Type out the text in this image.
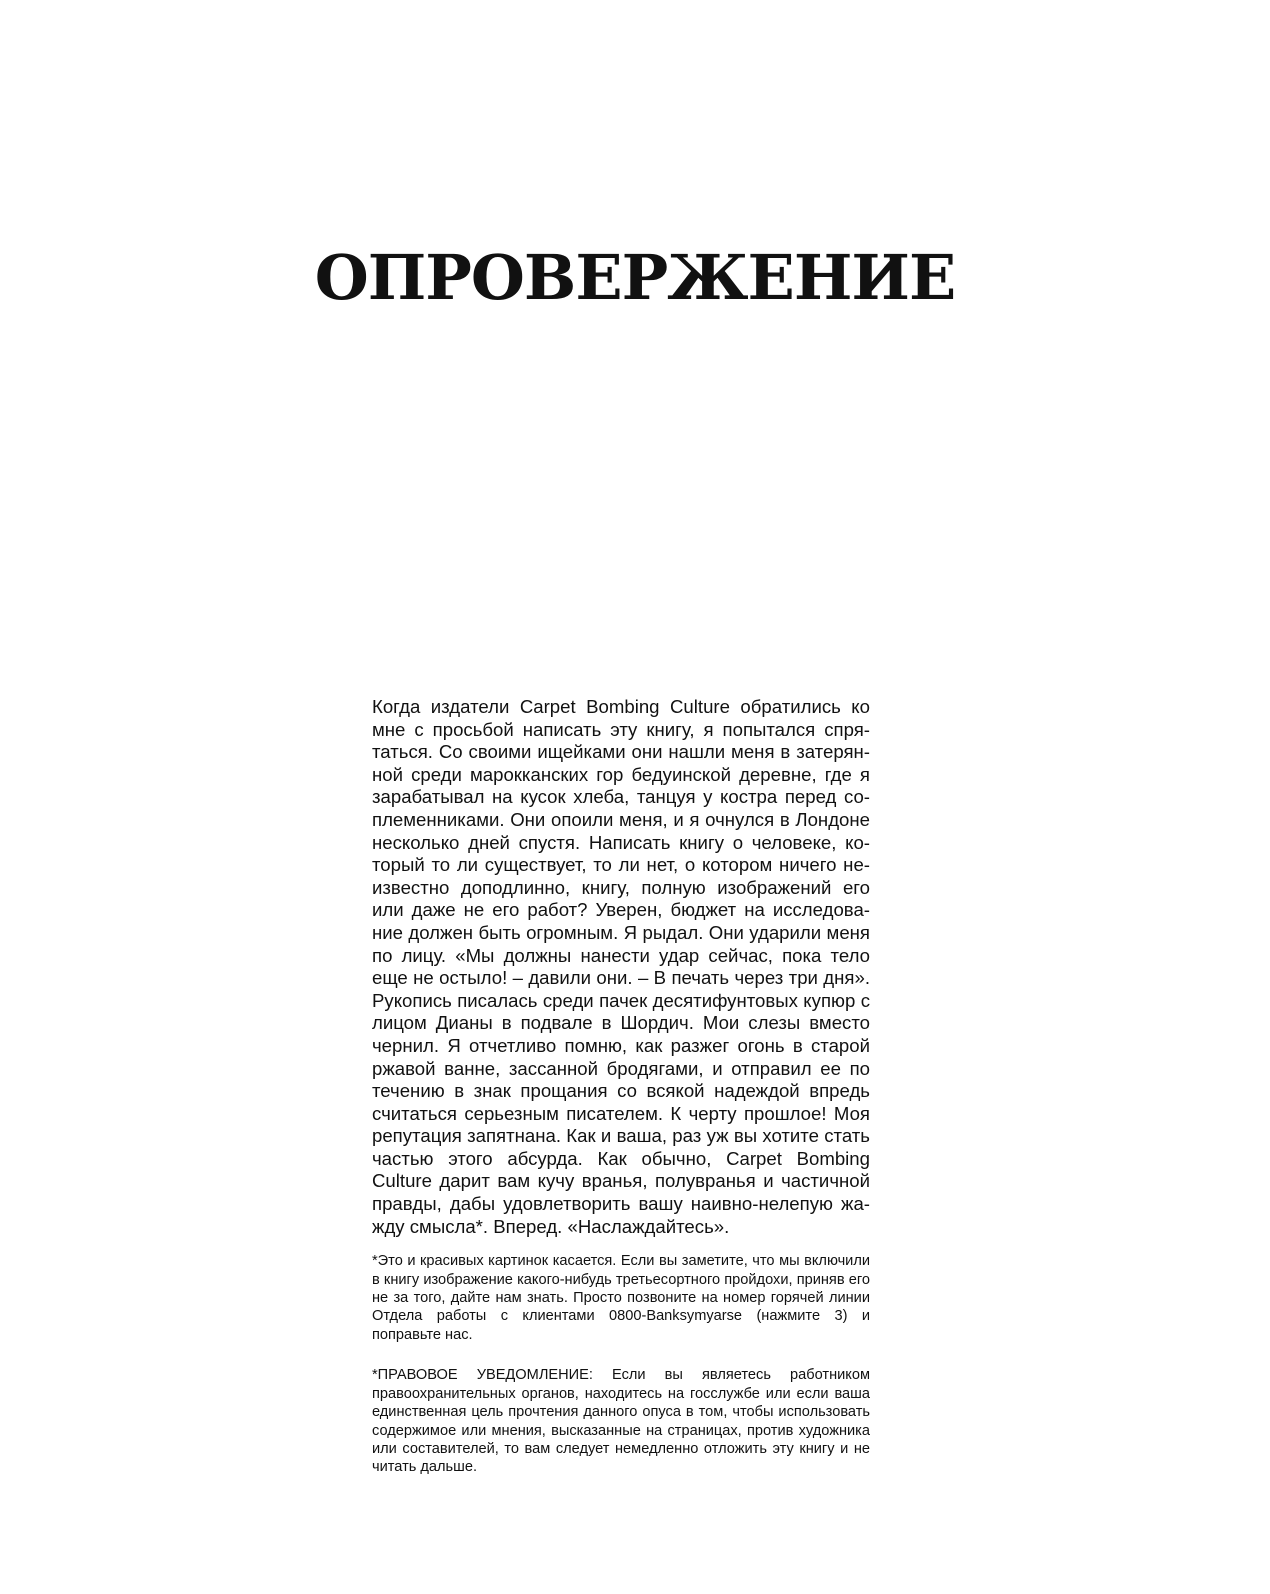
ОПРОВЕРЖЕНИЕ

Когда издатели Carpet Bombing Culture обратились ко мне с просьбой написать эту книгу, я попытался спрятаться. Со своими ищейками они нашли меня в затерянной среди марокканских гор бедуинской деревне, где я зарабатывал на кусок хлеба, танцуя у костра перед соплеменниками. Они опоили меня, и я очнулся в Лондоне несколько дней спустя. Написать книгу о человеке, который то ли существует, то ли нет, о котором ничего неизвестно доподлинно, книгу, полную изображений его или даже не его работ? Уверен, бюджет на исследование должен быть огромным. Я рыдал. Они ударили меня по лицу. «Мы должны нанести удар сейчас, пока тело еще не остыло! – давили они. – В печать через три дня». Рукопись писалась среди пачек десятифунтовых купюр с лицом Дианы в подвале в Шордич. Мои слезы вместо чернил. Я отчетливо помню, как разжег огонь в старой ржавой ванне, зассанной бродягами, и отправил ее по течению в знак прощания со всякой надеждой впредь считаться серьезным писателем. К черту прошлое! Моя репутация запятнана. Как и ваша, раз уж вы хотите стать частью этого абсурда. Как обычно, Carpet Bombing Culture дарит вам кучу вранья, полувранья и частичной правды, дабы удовлетворить вашу наивно-нелепую жажду смысла*. Вперед. «Наслаждайтесь».

*Это и красивых картинок касается. Если вы заметите, что мы включили в книгу изображение какого-нибудь третьесортного пройдохи, приняв его не за того, дайте нам знать. Просто позвоните на номер горячей линии Отдела работы с клиентами 0800-Banksymyarse (нажмите 3) и поправьте нас.

*ПРАВОВОЕ УВЕДОМЛЕНИЕ: Если вы являетесь работником правоохранительных органов, находитесь на госслужбе или если ваша единственная цель прочтения данного опуса в том, чтобы использовать содержимое или мнения, высказанные на страницах, против художника или составителей, то вам следует немедленно отложить эту книгу и не читать дальше.
